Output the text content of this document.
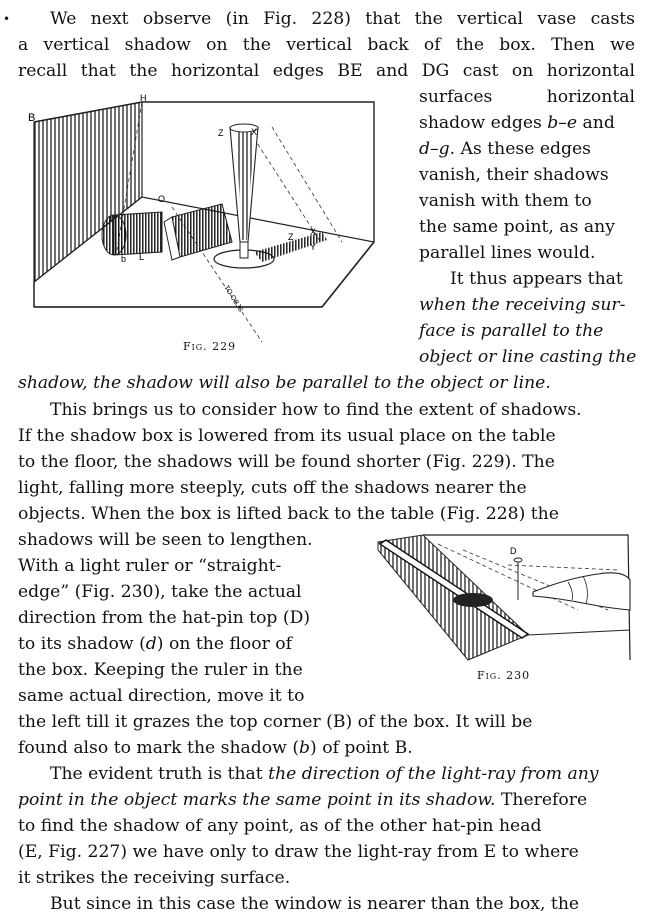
B
H
Z	X
O
b L
Z X
Y
TO OBJS
Fig. 229
D
Fig. 230
• We next observe (in Fig. 228) that the vertical vase casts
a vertical shadow on the vertical back of the box. Then we
recall that the horizontal edges BE and DG cast on horizontal
surfaces horizontal
shadow edges b–e and
d–g. As these edges
vanish, their shadows
vanish with them to
the same point, as any
parallel lines would.
It thus appears that
when the receiving sur-
face is parallel to the
object or line casting the
shadow, the shadow will also be parallel to the object or line.
This brings us to consider how to find the extent of shadows.
If the shadow box is lowered from its usual place on the table
to the floor, the shadows will be found shorter (Fig. 229). The
light, falling more steeply, cuts off the shadows nearer the
objects. When the box is lifted back to the table (Fig. 228) the
shadows will be seen to lengthen.
With a light ruler or “straight-
edge” (Fig. 230), take the actual
direction from the hat-pin top (D)
to its shadow (d) on the floor of
the box. Keeping the ruler in the
same actual direction, move it to
the left till it grazes the top corner (B) of the box. It will be
found also to mark the shadow (b) of point B.
The evident truth is that the direction of the light-ray from any
point in the object marks the same point in its shadow. Therefore
to find the shadow of any point, as of the other hat-pin head
(E, Fig. 227) we have only to draw the light-ray from E to where
it strikes the receiving surface.
But since in this case the window is nearer than the box, the
